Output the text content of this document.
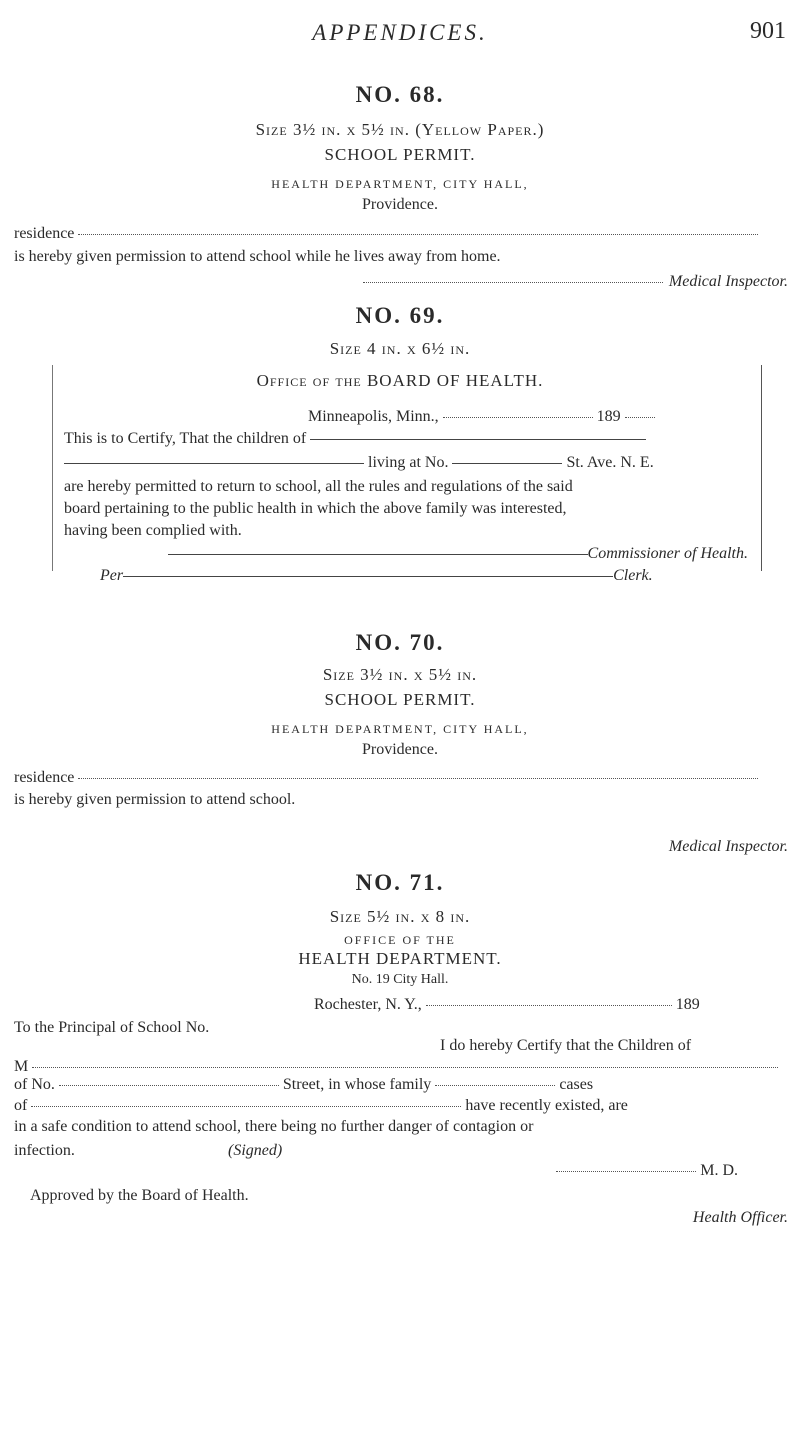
APPENDICES.	901
NO. 68.
Size 3½ in. x 5½ in. (Yellow Paper.)
SCHOOL PERMIT.
HEALTH DEPARTMENT, CITY HALL,
Providence.
residence
is hereby given permission to attend school while he lives away from home.
Medical Inspector.
NO. 69.
Size 4 in. x 6½ in.
Office of the BOARD OF HEALTH.
Minneapolis, Minn.,	189
This is to Certify, That the children of
living at No.	St. Ave. N. E.
are hereby permitted to return to school, all the rules and regulations of the said
board pertaining to the public health in which the above family was interested,
having been complied with.
Commissioner of Health.
Per	Clerk.
NO. 70.
Size 3½ in. x 5½ in.
SCHOOL PERMIT.
HEALTH DEPARTMENT, CITY HALL,
Providence.
residence
is hereby given permission to attend school.
Medical Inspector.
NO. 71.
Size 5½ in. x 8 in.
OFFICE OF THE
HEALTH DEPARTMENT.
No. 19 City Hall.
Rochester, N. Y.,	189
To the Principal of School No.
I do hereby Certify that the Children of
M
of No.	Street, in whose family	cases
of	have recently existed, are
in a safe condition to attend school, there being no further danger of contagion or
infection.	(Signed)
M. D.
Approved by the Board of Health.
Health Officer.
